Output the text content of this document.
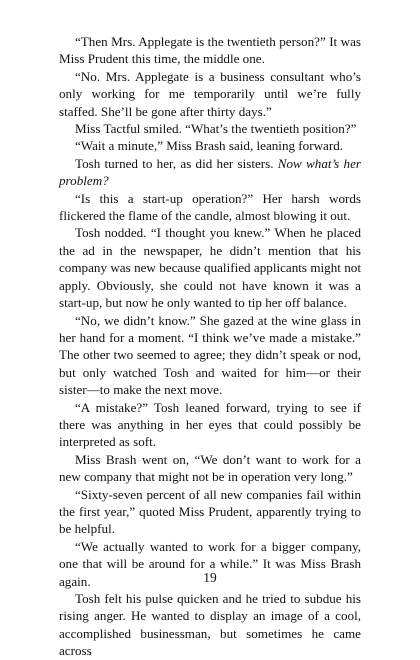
“Then Mrs. Applegate is the twentieth person?” It was Miss Prudent this time, the middle one.

“No. Mrs. Applegate is a business consultant who’s only working for me temporarily until we’re fully staffed. She’ll be gone after thirty days.”

Miss Tactful smiled. “What’s the twentieth position?”

“Wait a minute,” Miss Brash said, leaning forward.

Tosh turned to her, as did her sisters. Now what’s her problem?

“Is this a start-up operation?” Her harsh words flickered the flame of the candle, almost blowing it out.

Tosh nodded. “I thought you knew.” When he placed the ad in the newspaper, he didn’t mention that his company was new because qualified applicants might not apply. Obviously, she could not have known it was a start-up, but now he only wanted to tip her off balance.

“No, we didn’t know.” She gazed at the wine glass in her hand for a moment. “I think we’ve made a mistake.” The other two seemed to agree; they didn’t speak or nod, but only watched Tosh and waited for him—or their sister—to make the next move.

“A mistake?” Tosh leaned forward, trying to see if there was anything in her eyes that could possibly be interpreted as soft.

Miss Brash went on, “We don’t want to work for a new company that might not be in operation very long.”

“Sixty-seven percent of all new companies fail within the first year,” quoted Miss Prudent, apparently trying to be helpful.

“We actually wanted to work for a bigger company, one that will be around for a while.” It was Miss Brash again.

Tosh felt his pulse quicken and he tried to subdue his rising anger. He wanted to display an image of a cool, accomplished businessman, but sometimes he came across

19
